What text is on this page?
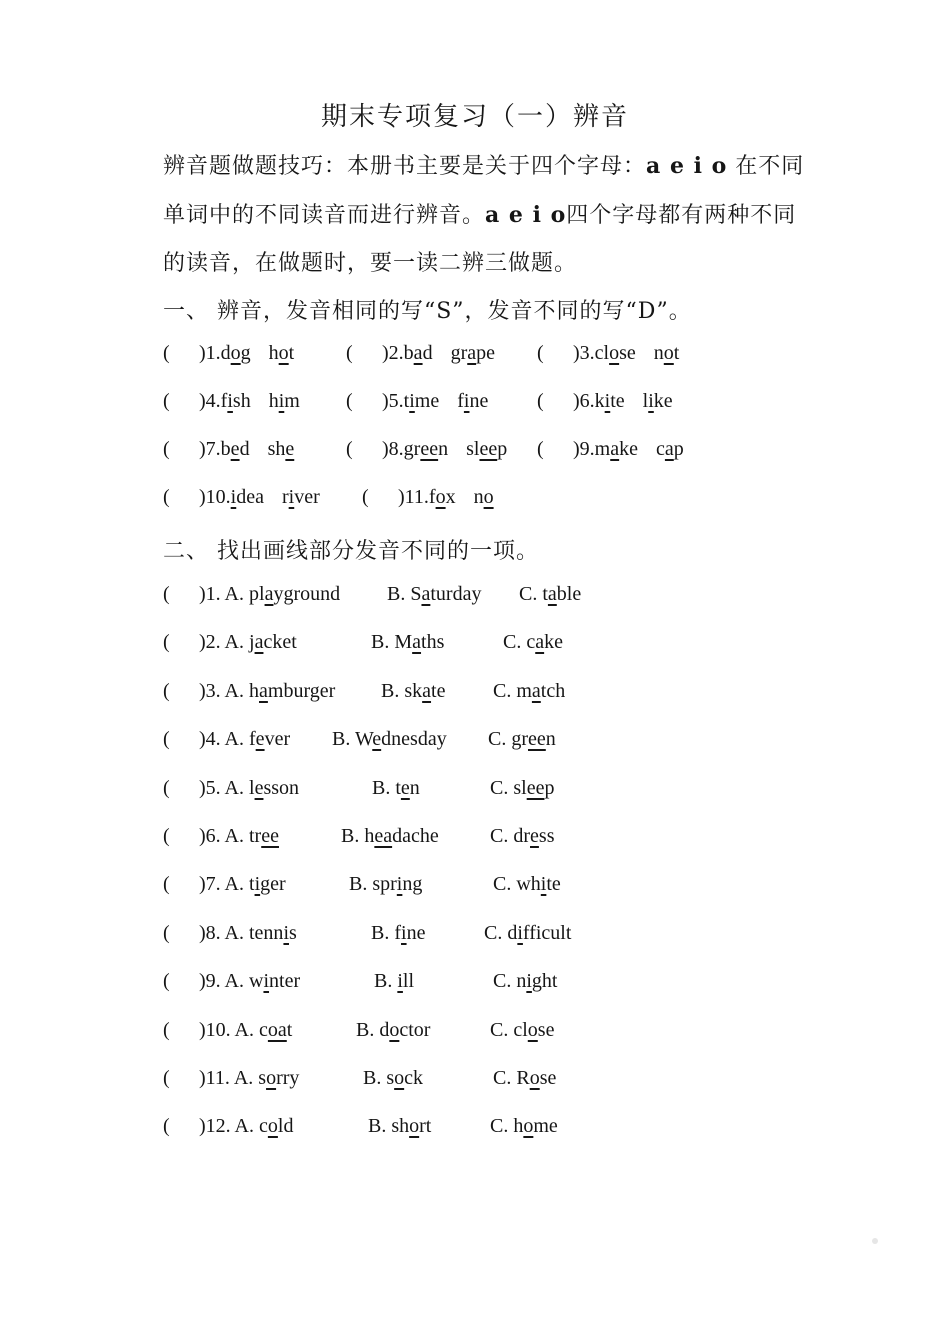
期末专项复习（一）辨音

辨音题做题技巧：本册书主要是关于四个字母：a e i o 在不同单词中的不同读音而进行辨音。a e i o四个字母都有两种不同的读音，在做题时，要一读二辨三做题。

一、 辨音，发音相同的写“S”，发音不同的写“D”。
( )1.dog hot	( )2.bad grape ( )3.close not
( )4.fish him ( )5.time fine ( )6.kite like
( )7.bed she	( )8.green sleep ( )9.make cap
( )10.idea river ( )11.fox no
二、 找出画线部分发音不同的一项。
( )1. A. playground B. Saturday C. table
( )2. A. jacket	B. Maths	C. cake
( )3. A. hamburger B. skate C. match
( )4. A. fever B. Wednesday C. green
( )5. A. lesson	B. ten	C. sleep
( )6. A. tree	B. headache	C. dress
( )7. A. tiger	B. spring	C. white
( )8. A. tennis	B. fine	C. difficult
( )9. A. winter	B. ill	C. night
( )10. A. coat	B. doctor	C. close
( )11. A. sorry	B. sock	C. Rose
( )12. A. cold	B. short	C. home
